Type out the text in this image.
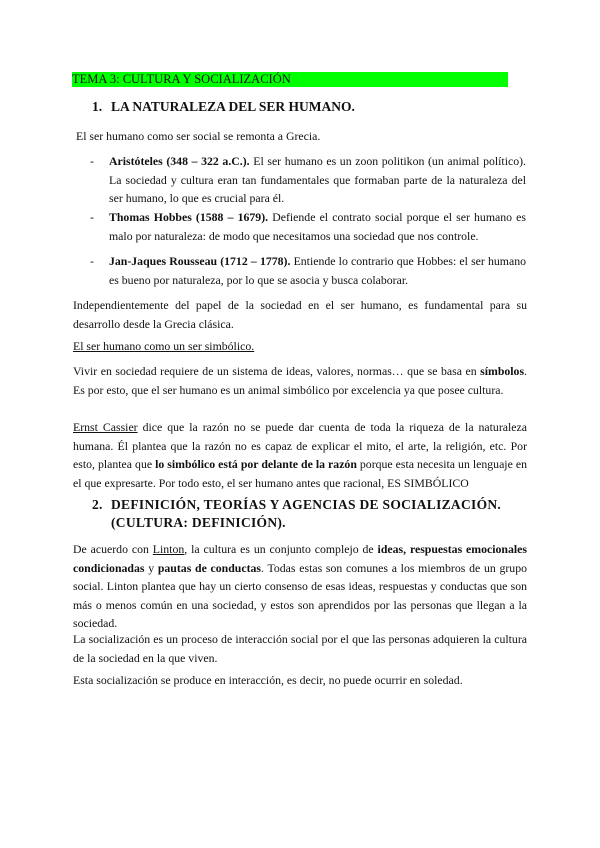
TEMA 3: CULTURA Y SOCIALIZACIÓN
1. LA NATURALEZA DEL SER HUMANO.

El ser humano como ser social se remonta a Grecia.

- Aristóteles (348 – 322 a.C.). El ser humano es un zoon politikon (un animal político). La sociedad y cultura eran tan fundamentales que formaban parte de la naturaleza del ser humano, lo que es crucial para él.
- Thomas Hobbes (1588 – 1679). Defiende el contrato social porque el ser humano es malo por naturaleza: de modo que necesitamos una sociedad que nos controle.
- Jan-Jaques Rousseau (1712 – 1778). Entiende lo contrario que Hobbes: el ser humano es bueno por naturaleza, por lo que se asocia y busca colaborar.

Independientemente del papel de la sociedad en el ser humano, es fundamental para su desarrollo desde la Grecia clásica.

El ser humano como un ser simbólico.

Vivir en sociedad requiere de un sistema de ideas, valores, normas… que se basa en símbolos. Es por esto, que el ser humano es un animal simbólico por excelencia ya que posee cultura.

Ernst Cassier dice que la razón no se puede dar cuenta de toda la riqueza de la naturaleza humana. Él plantea que la razón no es capaz de explicar el mito, el arte, la religión, etc. Por esto, plantea que lo simbólico está por delante de la razón porque esta necesita un lenguaje en el que expresarte. Por todo esto, el ser humano antes que racional, ES SIMBÓLICO

2. DEFINICIÓN, TEORÍAS Y AGENCIAS DE SOCIALIZACIÓN.
(CULTURA: DEFINICIÓN).

De acuerdo con Linton, la cultura es un conjunto complejo de ideas, respuestas emocionales condicionadas y pautas de conductas. Todas estas son comunes a los miembros de un grupo social. Linton plantea que hay un cierto consenso de esas ideas, respuestas y conductas que son más o menos común en una sociedad, y estos son aprendidos por las personas que llegan a la sociedad.

La socialización es un proceso de interacción social por el que las personas adquieren la cultura de la sociedad en la que viven.

Esta socialización se produce en interacción, es decir, no puede ocurrir en soledad.
